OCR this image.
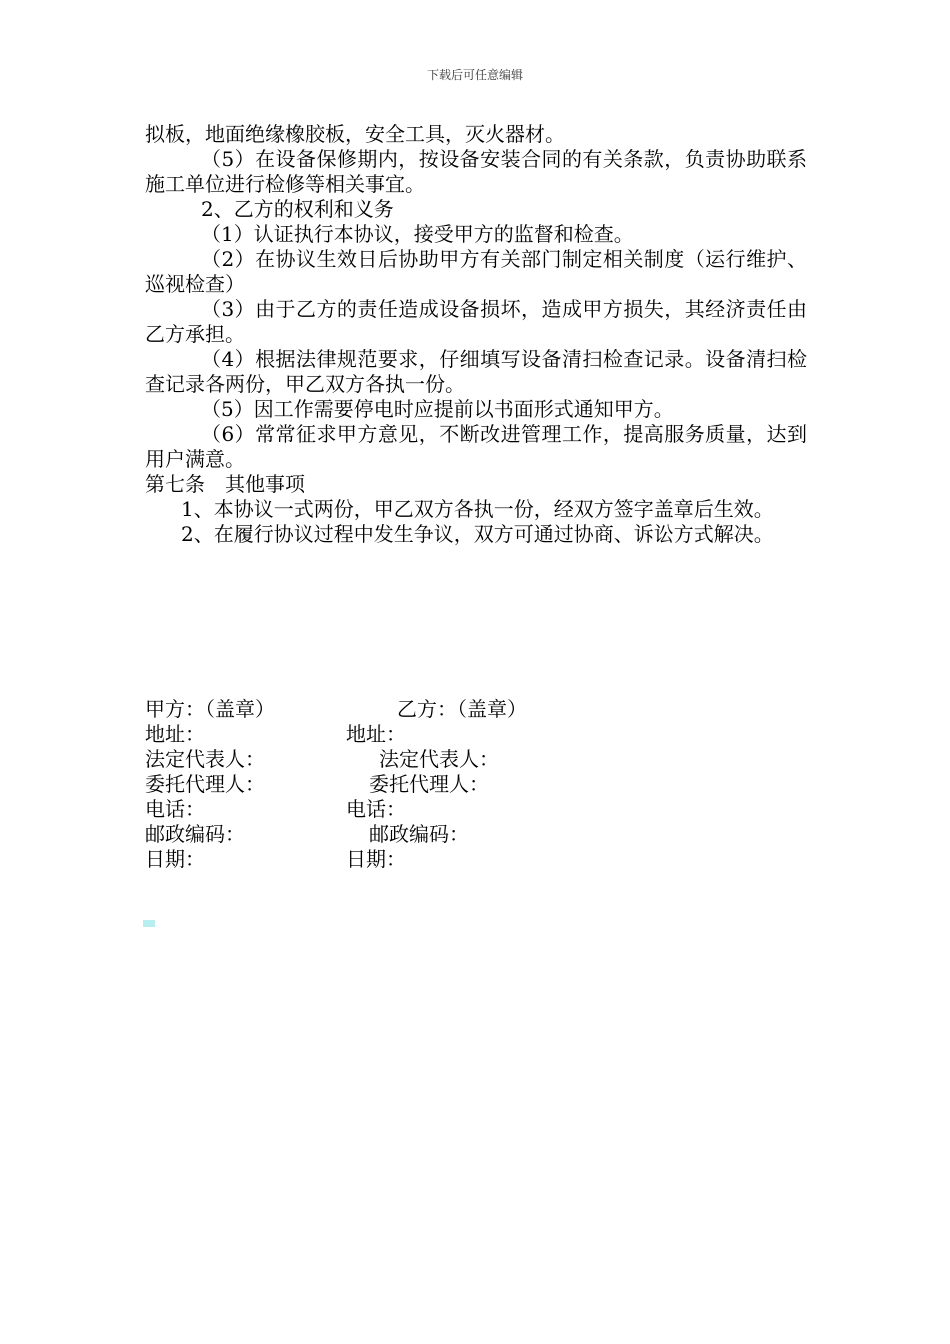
下载后可任意编辑

拟板，地面绝缘橡胶板，安全工具，灭火器材。

（5）在设备保修期内，按设备安装合同的有关条款，负责协助联系施工单位进行检修等相关事宜。

2、乙方的权利和义务

（1）认证执行本协议，接受甲方的监督和检查。

（2）在协议生效日后协助甲方有关部门制定相关制度（运行维护、巡视检查）

（3）由于乙方的责任造成设备损坏，造成甲方损失，其经济责任由乙方承担。

（4）根据法律规范要求，仔细填写设备清扫检查记录。设备清扫检查记录各两份，甲乙双方各执一份。

（5）因工作需要停电时应提前以书面形式通知甲方。

（6）常常征求甲方意见，不断改进管理工作，提高服务质量，达到用户满意。

第七条　其他事项

1、本协议一式两份，甲乙双方各执一份，经双方签字盖章后生效。

2、在履行协议过程中发生争议，双方可通过协商、诉讼方式解决。

甲方：（盖章）	乙方：（盖章）
地址：	地址：
法定代表人：	法定代表人：
委托代理人：	委托代理人：
电话：	电话：
邮政编码：	邮政编码：
日期：	日期：
